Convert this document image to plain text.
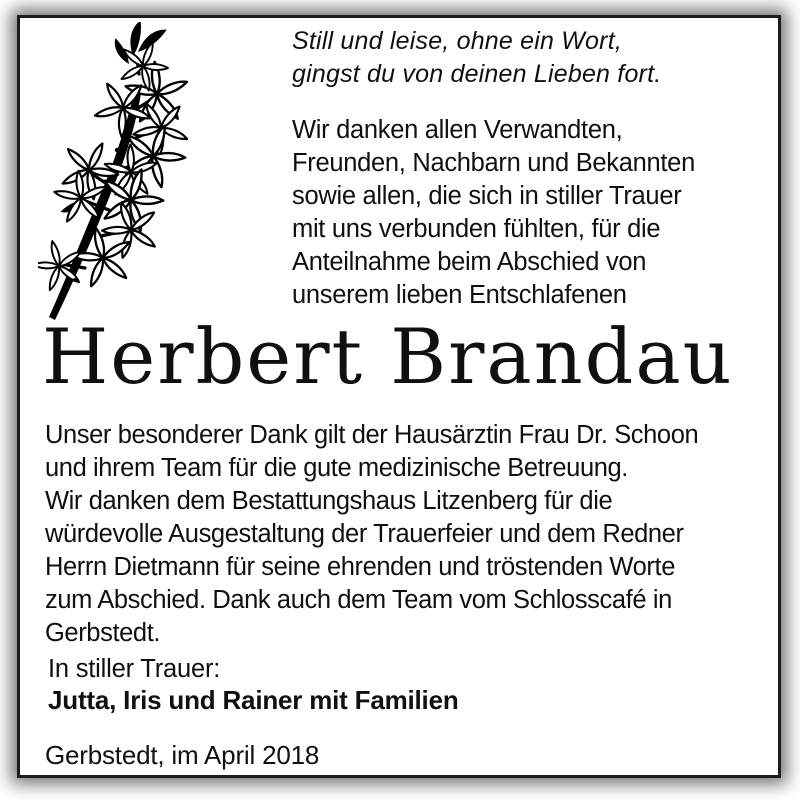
Still und leise, ohne ein Wort,
gingst du von deinen Lieben fort.
Wir danken allen Verwandten,
Freunden, Nachbarn und Bekannten
sowie allen, die sich in stiller Trauer
mit uns verbunden fühlten, für die
Anteilnahme beim Abschied von
unserem lieben Entschlafenen
Herbert Brandau
Unser besonderer Dank gilt der Hausärztin Frau Dr. Schoon
und ihrem Team für die gute medizinische Betreuung.
Wir danken dem Bestattungshaus Litzenberg für die
würdevolle Ausgestaltung der Trauerfeier und dem Redner
Herrn Dietmann für seine ehrenden und tröstenden Worte
zum Abschied. Dank auch dem Team vom Schlosscafé in
Gerbstedt.
In stiller Trauer:
Jutta, Iris und Rainer mit Familien
Gerbstedt, im April 2018
